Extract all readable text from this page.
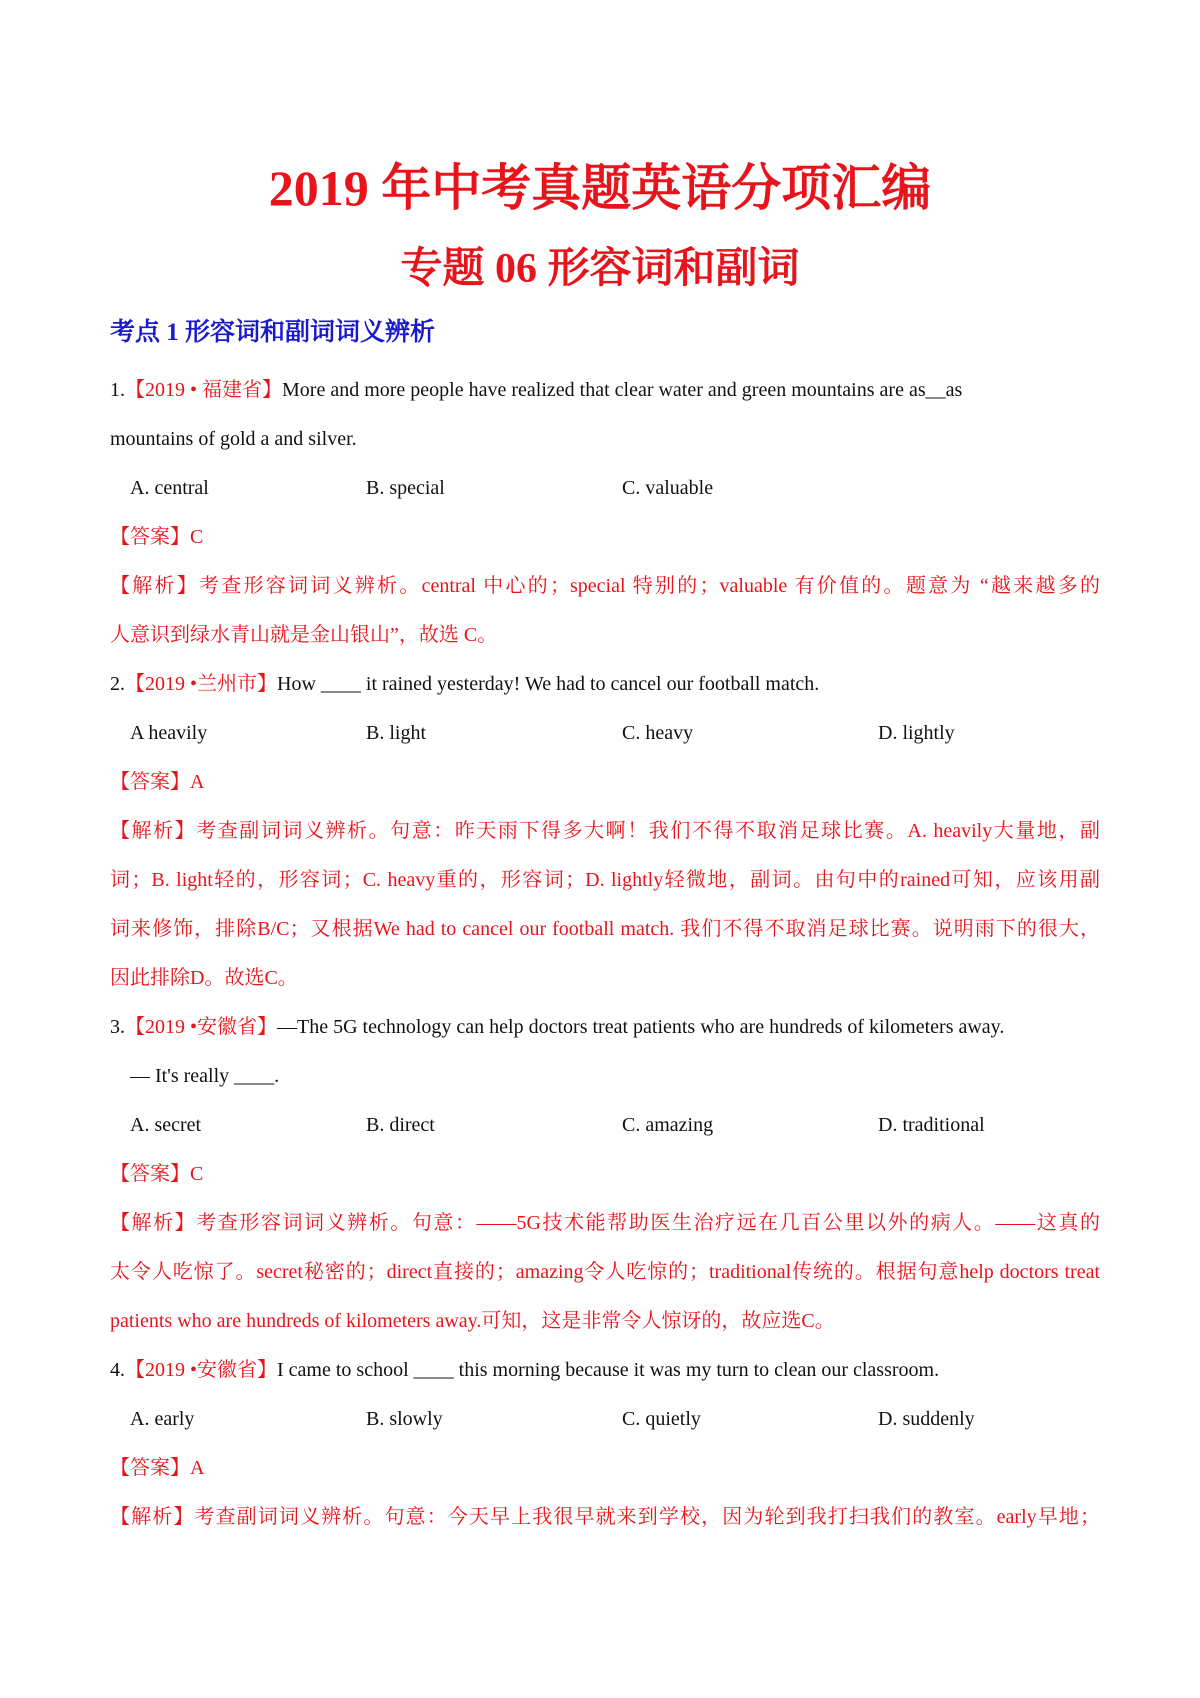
2019 年中考真题英语分项汇编
专题 06 形容词和副词
考点 1 形容词和副词词义辨析
1.【2019 • 福建省】More and more people have realized that clear water and green mountains are as__as
mountains of gold a and silver.
A. central	B. special	C. valuable
【答案】C
【解析】考查形容词词义辨析。central 中心的；special 特别的；valuable 有价值的。题意为 “越来越多的
人意识到绿水青山就是金山银山”，故选 C。
2.【2019 •兰州市】How ____ it rained yesterday! We had to cancel our football match.
A heavily	B. light	C. heavy	D. lightly
【答案】A
【解析】考查副词词义辨析。句意：昨天雨下得多大啊！我们不得不取消足球比赛。A. heavily大量地，副
词；B. light轻的，形容词；C. heavy重的，形容词；D. lightly轻微地，副词。由句中的rained可知，应该用副
词来修饰，排除B/C；又根据We had to cancel our football match. 我们不得不取消足球比赛。说明雨下的很大，
因此排除D。故选C。
3.【2019 •安徽省】—The 5G technology can help doctors treat patients who are hundreds of kilometers away.
— It's really ____.
A. secret	B. direct	C. amazing	D. traditional
【答案】C
【解析】考查形容词词义辨析。句意：——5G技术能帮助医生治疗远在几百公里以外的病人。——这真的
太令人吃惊了。secret秘密的；direct直接的；amazing令人吃惊的；traditional传统的。根据句意help doctors treat
patients who are hundreds of kilometers away.可知，这是非常令人惊讶的，故应选C。
4.【2019 •安徽省】I came to school ____ this morning because it was my turn to clean our classroom.
A. early	B. slowly	C. quietly	D. suddenly
【答案】A
【解析】考查副词词义辨析。句意：今天早上我很早就来到学校，因为轮到我打扫我们的教室。early早地；
